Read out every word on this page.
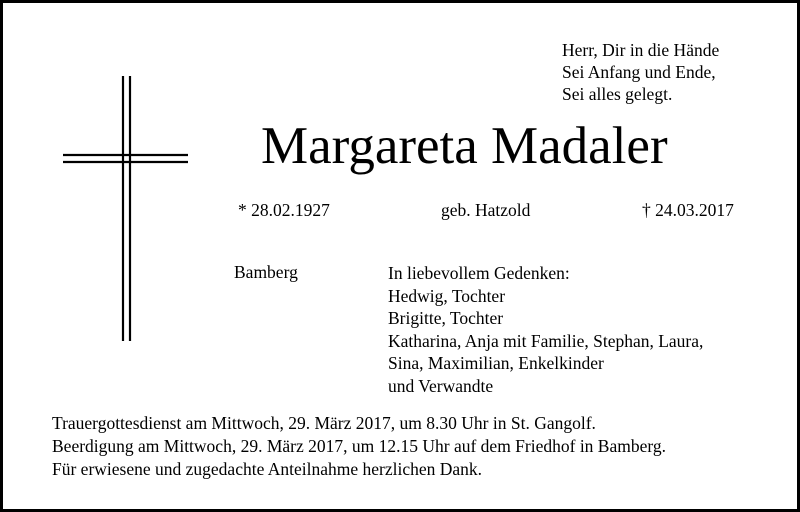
Herr, Dir in die Hände
Sei Anfang und Ende,
Sei alles gelegt.
Margareta Madaler
* 28.02.1927	geb. Hatzold	† 24.03.2017
Bamberg	In liebevollem Gedenken:
Hedwig, Tochter
Brigitte, Tochter
Katharina, Anja mit Familie, Stephan, Laura,
Sina, Maximilian, Enkelkinder
und Verwandte
Trauergottesdienst am Mittwoch, 29. März 2017, um 8.30 Uhr in St. Gangolf.
Beerdigung am Mittwoch, 29. März 2017, um 12.15 Uhr auf dem Friedhof in Bamberg.
Für erwiesene und zugedachte Anteilnahme herzlichen Dank.
